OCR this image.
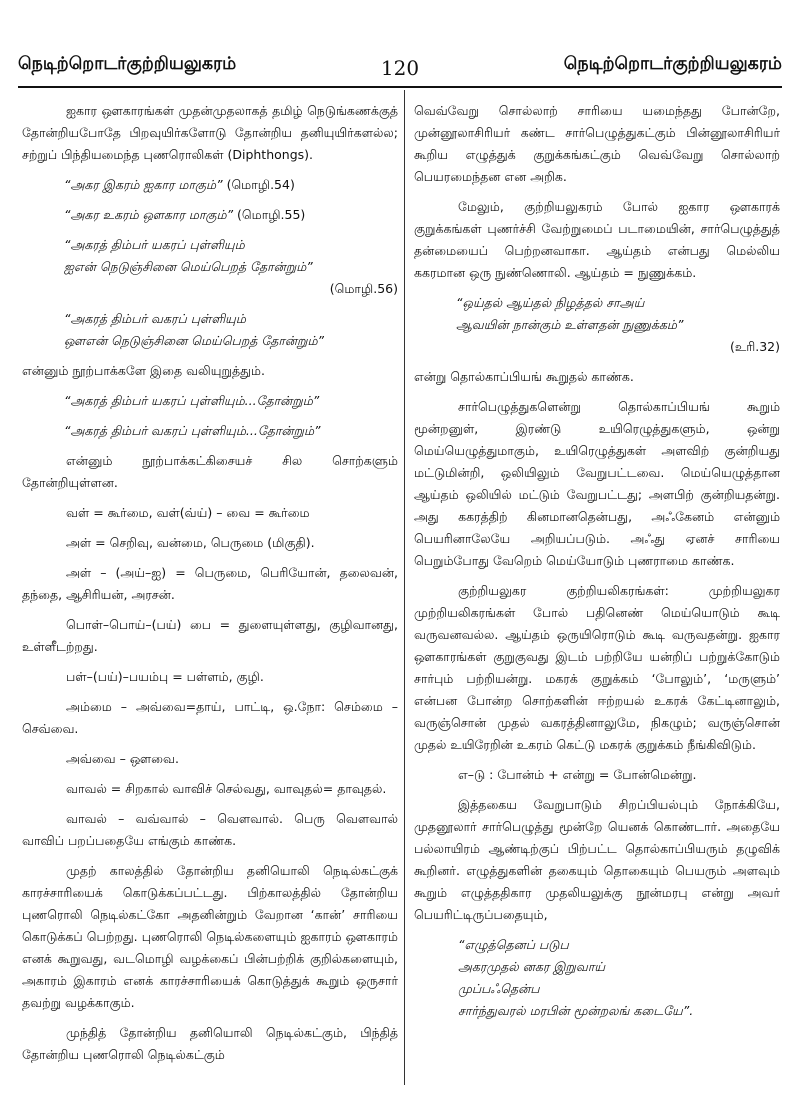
நெடிற்றொடர்குற்றியலுகரம்	120	நெடிற்றொடர்குற்றியலுகரம்

ஐகார ஔகாரங்கள் முதன்முதலாகத் தமிழ் நெடுங்கணக்குத் தோன்றியபோதே பிறவுயிர்களோடு தோன்றிய தனியுயிர்களல்ல; சற்றுப் பிந்தியமைந்த புணரொலிகள் (Diphthongs).

“அகர இகரம் ஐகார மாகும்” (மொழி.54)

“அகர உகரம் ஔகார மாகும்” (மொழி.55)

“அகரத் திம்பர் யகரப் புள்ளியும்
ஐஎன் நெடுஞ்சினை மெய்பெறத் தோன்றும்”
(மொழி.56)

“அகரத் திம்பர் வகரப் புள்ளியும்
ஔஎன் நெடுஞ்சினை மெய்பெறத் தோன்றும்”

என்னும் நூற்பாக்களே இதை வலியுறுத்தும்.

“அகரத் திம்பர் யகரப் புள்ளியும்...தோன்றும்”

“அகரத் திம்பர் வகரப் புள்ளியும்...தோன்றும்”

என்னும் நூற்பாக்கட்கிசையச் சில சொற்களும் தோன்றியுள்ளன.

வள் = கூர்மை, வள்(வ்ய்) – வை = கூர்மை

அள் = செறிவு, வன்மை, பெருமை (மிகுதி).

அள் – (அய்–ஐ) = பெருமை, பெரியோன், தலைவன், தந்தை, ஆசிரியன், அரசன்.

பொள்–பொய்–(பய்) பை = துளையுள்ளது, குழிவானது, உள்ளீடற்றது.

பள்–(பய்)–பயம்பு = பள்ளம், குழி.

அம்மை – அவ்வை=தாய், பாட்டி, ஒ.நோ: செம்மை – செவ்வை.

அவ்வை – ஔவை.

வாவல் = சிறகால் வாவிச் செல்வது, வாவுதல்= தாவுதல்.

வாவல் – வவ்வால் – வௌவால். பெரு வௌவால் வாவிப் பறப்பதையே எங்கும் காண்க.

முதற் காலத்தில் தோன்றிய தனியொலி நெடில்கட்குக் காரச்சாரியைக் கொடுக்கப்பட்டது. பிற்காலத்தில் தோன்றிய புணரொலி நெடில்கட்கோ அதனின்றும் வேறான ‘கான்’ சாரியை கொடுக்கப் பெற்றது. புணரொலி நெடில்களையும் ஐகாரம் ஔகாரம் எனக் கூறுவது, வடமொழி வழக்கைப் பின்பற்றிக் குறில்களையும், அகாரம் இகாரம் எனக் காரச்சாரியைக் கொடுத்துக் கூறும் ஒருசார் தவற்று வழக்காகும்.

முந்தித் தோன்றிய தனியொலி நெடில்கட்கும், பிந்தித் தோன்றிய புணரொலி நெடில்கட்கும்

வெவ்வேறு சொல்லாற் சாரியை யமைந்தது போன்றே, முன்னூலாசிரியர் கண்ட சார்பெழுத்துகட்கும் பின்னூலாசிரியர் கூறிய எழுத்துக் குறுக்கங்கட்கும் வெவ்வேறு சொல்லாற் பெயரமைந்தன என அறிக.

மேலும், குற்றியலுகரம் போல் ஐகார ஔகாரக் குறுக்கங்கள் புணர்ச்சி வேற்றுமைப் படாமையின், சார்பெழுத்துத் தன்மையைப் பெற்றனவாகா. ஆய்தம் என்பது மெல்லிய ககரமான ஒரு நுண்ணொலி. ஆய்தம் = நுணுக்கம்.

“ஒய்தல் ஆய்தல் நிழத்தல் சாஅய்
ஆவயின் நான்கும் உள்ளதன் நுணுக்கம்”
(உரி.32)

என்று தொல்காப்பியங் கூறுதல் காண்க.

சார்பெழுத்துகளென்று தொல்காப்பியங் கூறும் மூன்றனுள், இரண்டு உயிரெழுத்துகளும், ஒன்று மெய்யெழுத்துமாகும், உயிரெழுத்துகள் அளவிற் குன்றியது மட்டுமின்றி, ஒலியிலும் வேறுபட்டவை. மெய்யெழுத்தான ஆய்தம் ஒலியில் மட்டும் வேறுபட்டது; அளபிற் குன்றியதன்று. அது ககரத்திற் கினமானதென்பது, அஃகேனம் என்னும் பெயரினாலேயே அறியப்படும். அஃது ஏனச் சாரியை பெறும்போது வேறெம் மெய்யோடும் புணராமை காண்க.

குற்றியலுகர குற்றியலிகரங்கள்: முற்றியலுகர முற்றியலிகரங்கள் போல் பதினெண் மெய்யொடும் கூடி வருவனவல்ல. ஆய்தம் ஒருயிரொடும் கூடி வருவதன்று. ஐகார ஔகாரங்கள் குறுகுவது இடம் பற்றியே யன்றிப் பற்றுக்கோடும் சார்பும் பற்றியன்று. மகரக் குறுக்கம் ‘போலும்’, ‘மருளும்’ என்பன போன்ற சொற்களின் ஈற்றயல் உகரக் கேட்டினாலும், வருஞ்சொன் முதல் வகரத்தினாலுமே, நிகழும்; வருஞ்சொன் முதல் உயிரேறின் உகரம் கெட்டு மகரக் குறுக்கம் நீங்கிவிடும்.

எ–டு : போன்ம் + என்று = போன்மென்று.

இத்தகைய வேறுபாடும் சிறப்பியல்பும் நோக்கியே, முதனூலார் சார்பெழுத்து மூன்றே யெனக் கொண்டார். அதையே பல்லாயிரம் ஆண்டிற்குப் பிற்பட்ட தொல்காப்பியரும் தழுவிக் கூறினர். எழுத்துகளின் தகையும் தொகையும் பெயரும் அளவும் கூறும் எழுத்ததிகார முதலியலுக்கு நூன்மரபு என்று அவர் பெயரிட்டிருப்பதையும்,

“எழுத்தெனப் படுப
அகரமுதல் னகர இறுவாய்
முப்பஃதென்ப
சார்ந்துவரல் மரபின் மூன்றலங் கடையே”.
